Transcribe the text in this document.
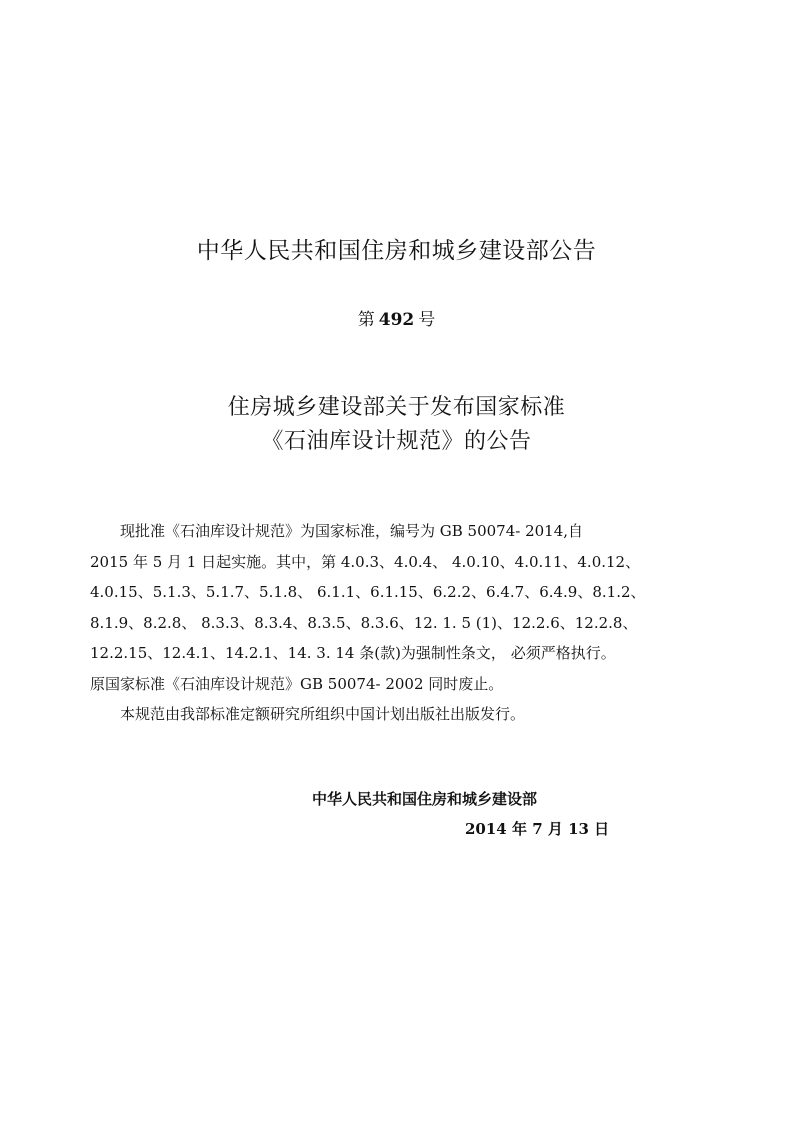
中华人民共和国住房和城乡建设部公告
第 492 号
住房城乡建设部关于发布国家标准
《石油库设计规范》的公告
现批准《石油库设计规范》为国家标准，编号为 GB 50074- 2014,自
2015 年 5 月 1 日起实施。其中，第 4.0.3、4.0.4、 4.0.10、4.0.11、4.0.12、
4.0.15、5.1.3、5.1.7、5.1.8、 6.1.1、6.1.15、6.2.2、6.4.7、6.4.9、8.1.2、
8.1.9、8.2.8、 8.3.3、8.3.4、8.3.5、8.3.6、12. 1. 5 (1)、12.2.6、12.2.8、
12.2.15、12.4.1、14.2.1、14. 3. 14 条(款)为强制性条文， 必须严格执行。
原国家标准《石油库设计规范》GB 50074- 2002 同时废止。
本规范由我部标准定额研究所组织中国计划出版社出版发行。
中华人民共和国住房和城乡建设部
2014 年 7 月 13 日
